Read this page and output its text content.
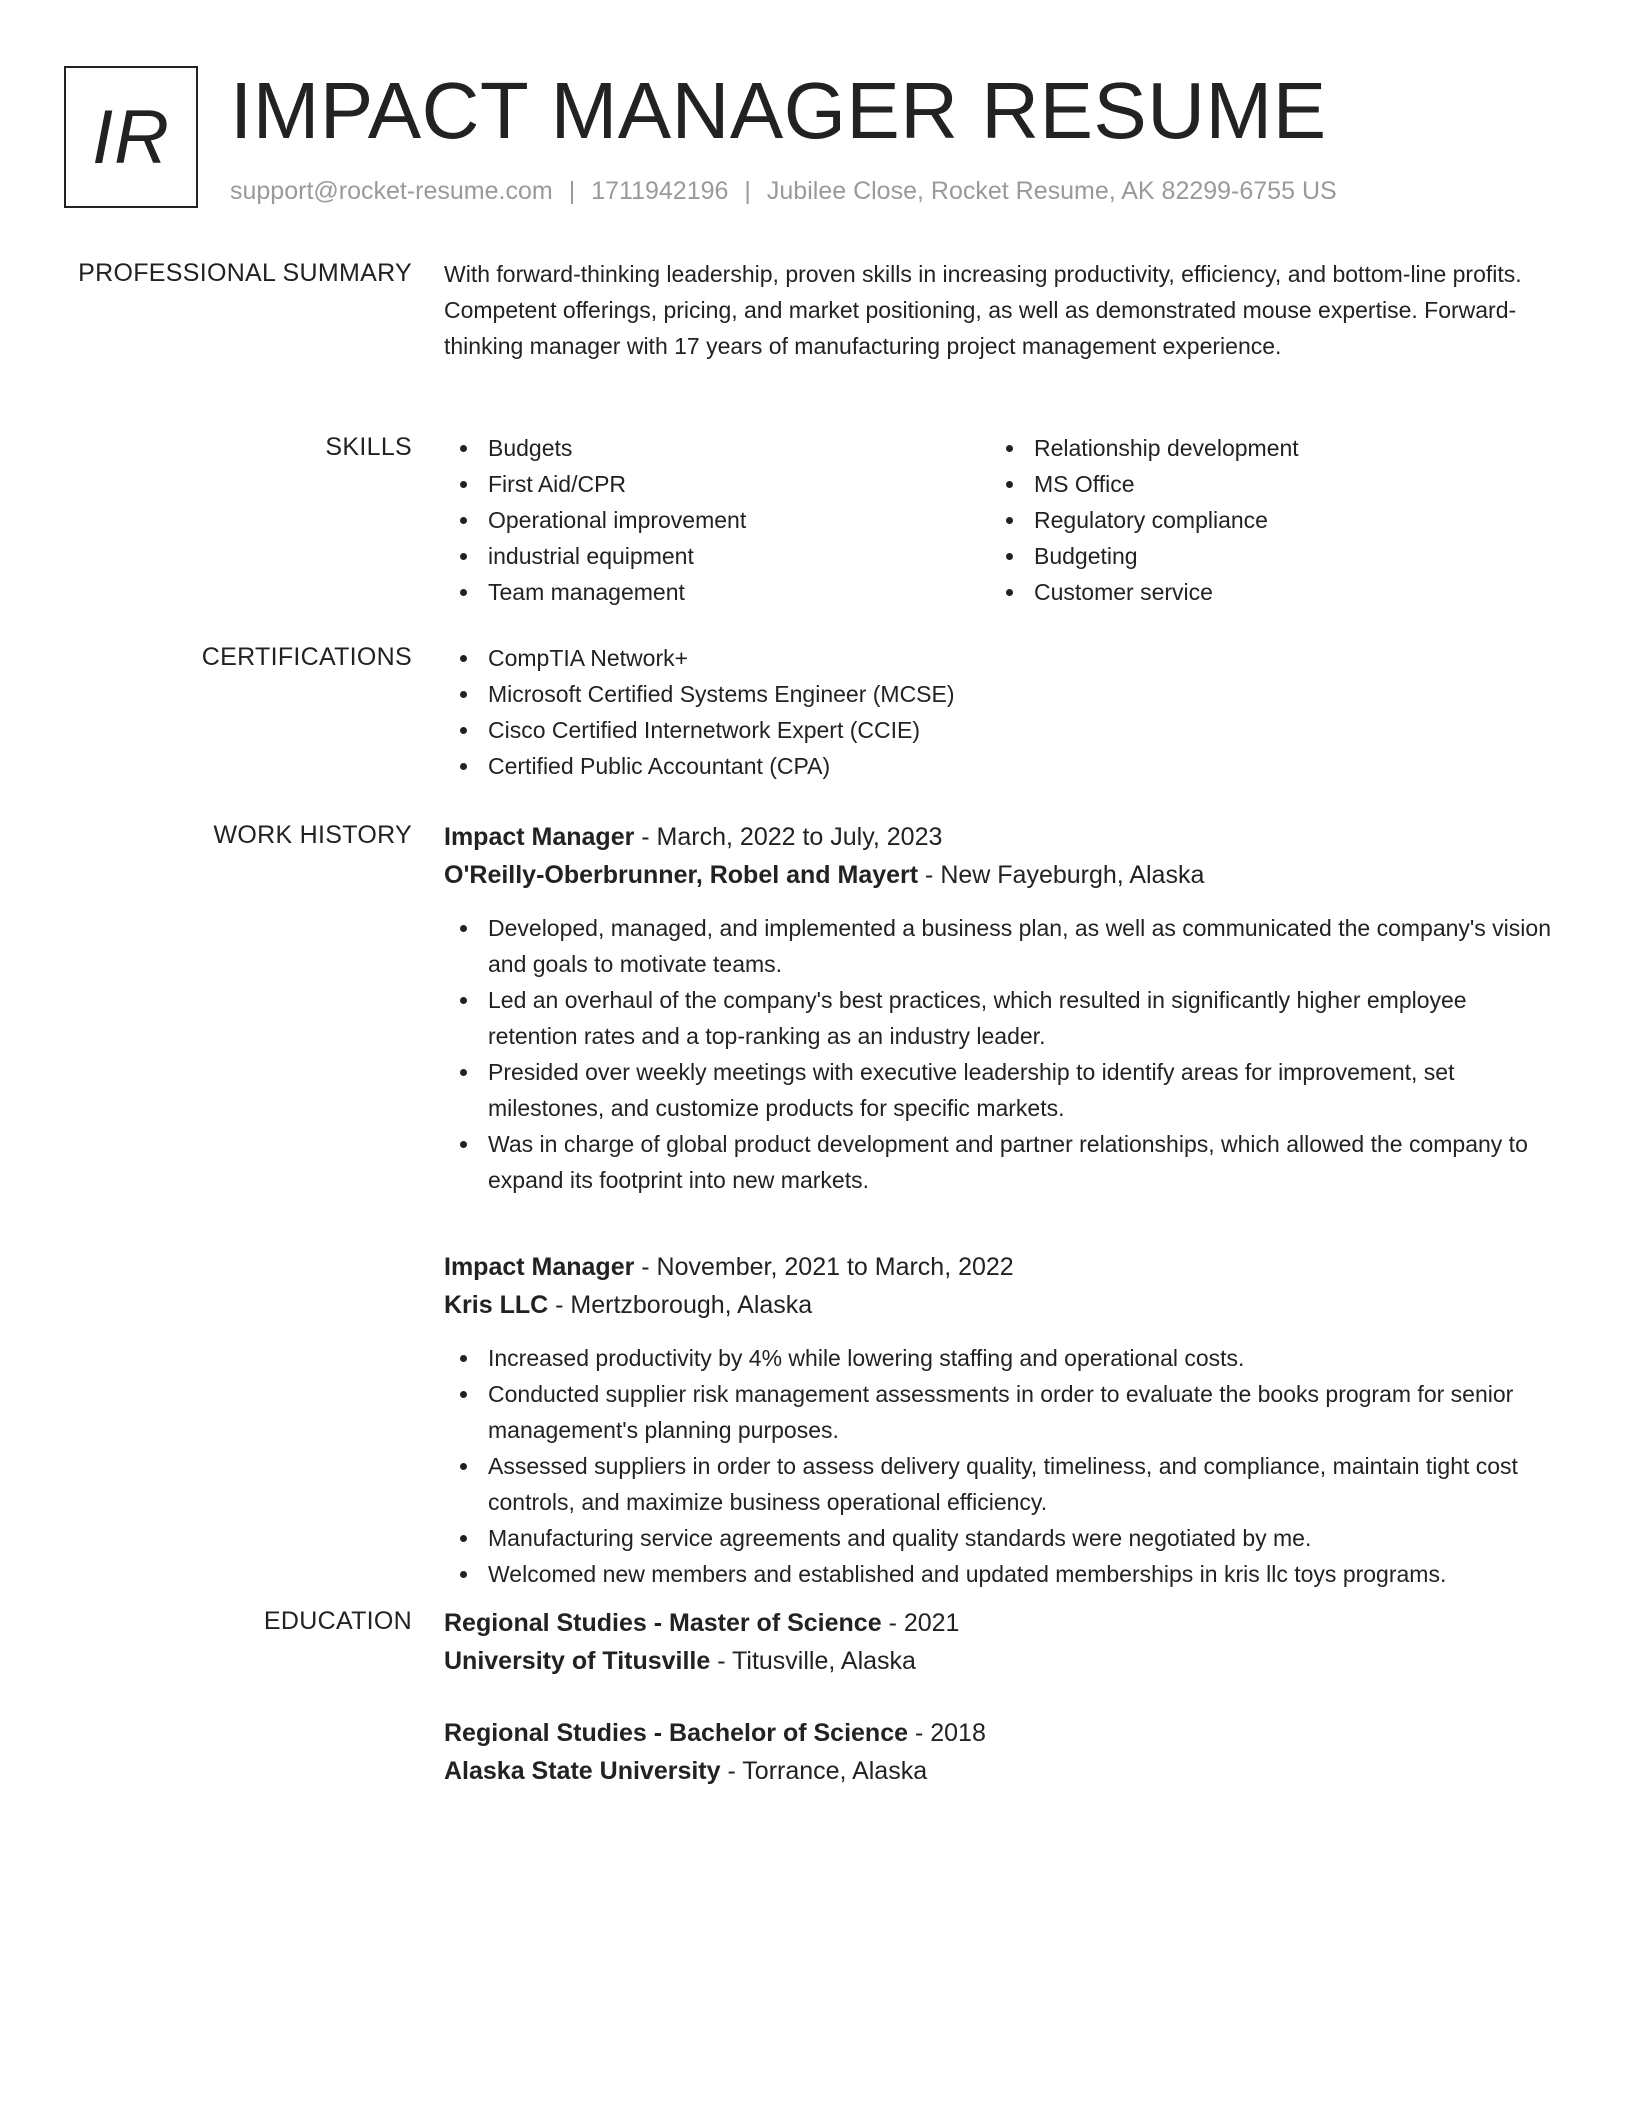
IR IMPACT MANAGER RESUME
support@rocket-resume.com | 1711942196 | Jubilee Close, Rocket Resume, AK 82299-6755 US
PROFESSIONAL SUMMARY With forward-thinking leadership, proven skills in increasing productivity, efficiency, and bottom-line profits. Competent offerings, pricing, and market positioning, as well as demonstrated mouse expertise. Forward-thinking manager with 17 years of manufacturing project management experience.

SKILLS	Budgets
First Aid/CPR
Operational improvement
industrial equipment
Team management
Relationship development
MS Office
Regulatory compliance
Budgeting
Customer service
CERTIFICATIONS	CompTIA Network+
Microsoft Certified Systems Engineer (MCSE)
Cisco Certified Internetwork Expert (CCIE)
Certified Public Accountant (CPA)
WORK HISTORY Impact Manager - March, 2022 to July, 2023
O'Reilly-Oberbrunner, Robel and Mayert - New Fayeburgh, Alaska
Developed, managed, and implemented a business plan, as well as communicated the company's vision and goals to motivate teams.
Led an overhaul of the company's best practices, which resulted in significantly higher employee retention rates and a top-ranking as an industry leader.
Presided over weekly meetings with executive leadership to identify areas for improvement, set milestones, and customize products for specific markets.
Was in charge of global product development and partner relationships, which allowed the company to expand its footprint into new markets.
Impact Manager - November, 2021 to March, 2022
Kris LLC - Mertzborough, Alaska
Increased productivity by 4% while lowering staffing and operational costs.
Conducted supplier risk management assessments in order to evaluate the books program for senior management's planning purposes.
Assessed suppliers in order to assess delivery quality, timeliness, and compliance, maintain tight cost controls, and maximize business operational efficiency.
Manufacturing service agreements and quality standards were negotiated by me.
Welcomed new members and established and updated memberships in kris llc toys programs.
EDUCATION Regional Studies - Master of Science - 2021
University of Titusville - Titusville, Alaska
Regional Studies - Bachelor of Science - 2018
Alaska State University - Torrance, Alaska
